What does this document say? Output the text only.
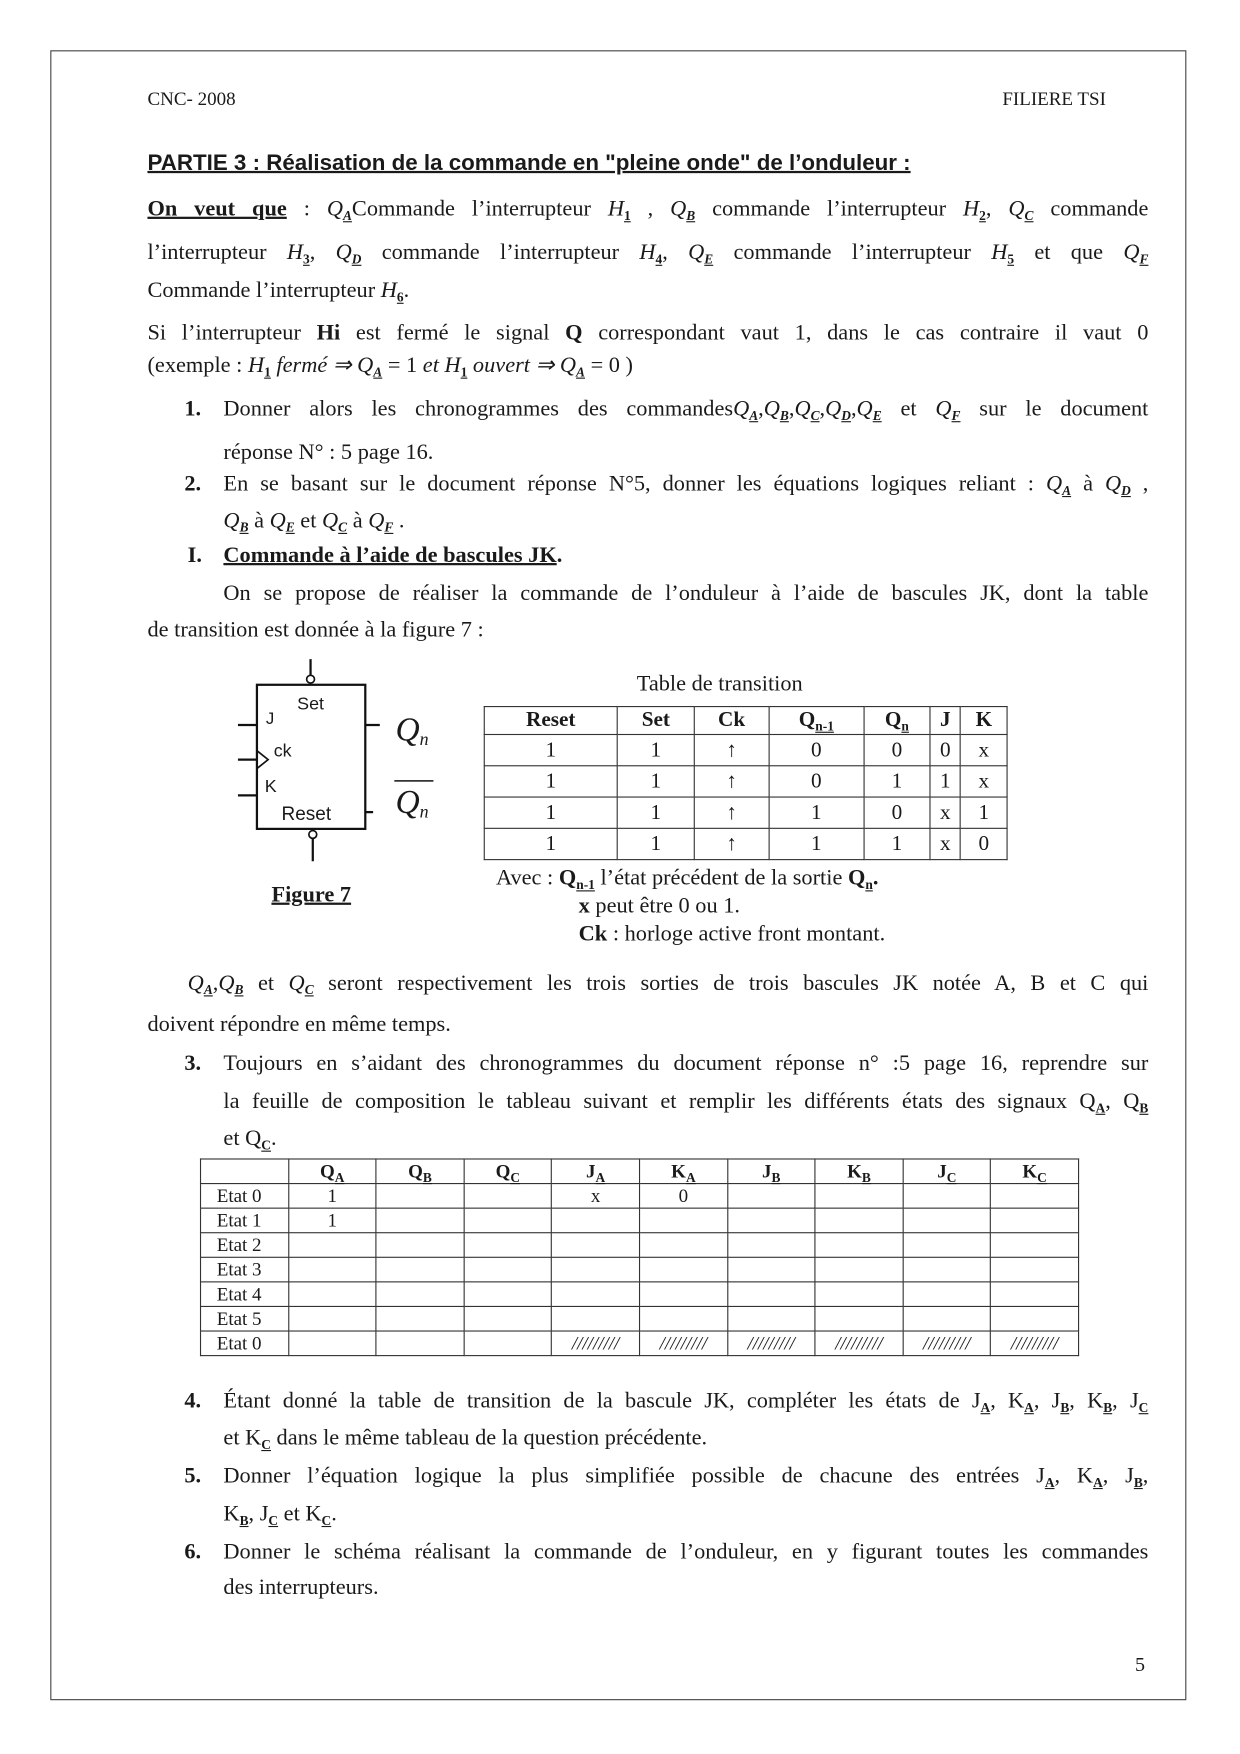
CNC- 2008	FILIERE TSI
PARTIE 3 : Réalisation de la commande en "pleine onde" de l’onduleur :
On veut que : $Q_ACommande$ l’interrupteur $H_1$ , $Q_B$ commande l’interrupteur $H_2$, $Q_C$ commande
l’interrupteur $H_3$, $Q_D$ commande l’interrupteur $H_4$, $Q_E$ commande l’interrupteur $H_5$ et que $Q_F$
Commande l’interrupteur $H_6$.
Si l’interrupteur Hi est fermé le signal Q correspondant vaut 1, dans le cas contraire il vaut 0
(exemple : $H_1$ fermé ⇒ $Q_A = 1$ et $H_1$ ouvert ⇒ $Q_A = 0$ )
1. Donner alors les chronogrammes des $commandesQ_A,Q_B,Q_C,Q_D,Q_E$ et $Q_F$ sur le document
réponse N° : 5 page 16.
2. En se basant sur le document réponse N°5, donner les équations logiques reliant : $Q_A$ à $Q_D$ ,
$Q_B$ à $Q_E$ et $Q_C$ à $Q_F$ .
I. Commande à l’aide de bascules JK.
On se propose de réaliser la commande de l’onduleur à l’aide de bascules JK, dont la table
de transition est donnée à la figure 7 :
Set
J
ck
K
Reset
$Q_n$
$Q_n$
Figure 7
Table de transition
Reset	Set	Ck	$Q_{n-1}$	$Q_n$	J	K
1	1	↑	0	0	0	x
1	1	↑	0	1	1	x
1	1	↑	1	0	x	1
1	1	↑	1	1	x	0
Avec : $Q_{n-1}$ l’état précédent de la sortie $Q_n$.
x peut être 0 ou 1.
Ck : horloge active front montant.
$Q_A,Q_B$ et $Q_C$ seront respectivement les trois sorties de trois bascules JK notée A, B et C qui
doivent répondre en même temps.
3. Toujours en s’aidant des chronogrammes du document réponse n° :5 page 16, reprendre sur
la feuille de composition le tableau suivant et remplir les différents états des signaux $Q_A$, $Q_B$
et $Q_C$.
	$Q_A$	$Q_B$	$Q_C$	$J_A$	$K_A$	$J_B$	$K_B$	$J_C$	$K_C$
Etat 0	1			x	0				
Etat 1	1								
Etat 2									
Etat 3									
Etat 4									
Etat 5									
Etat 0				/////////	/////////	/////////	/////////	/////////	/////////
4. Étant donné la table de transition de la bascule JK, compléter les états de $J_A$, $K_A$, $J_B$, $K_B$, $J_C$
et $K_C$ dans le même tableau de la question précédente.
5. Donner l’équation logique la plus simplifiée possible de chacune des entrées $J_A$, $K_A$, $J_B$,
$K_B$, $J_C$ et $K_C$.
6. Donner le schéma réalisant la commande de l’onduleur, en y figurant toutes les commandes
des interrupteurs.
5
